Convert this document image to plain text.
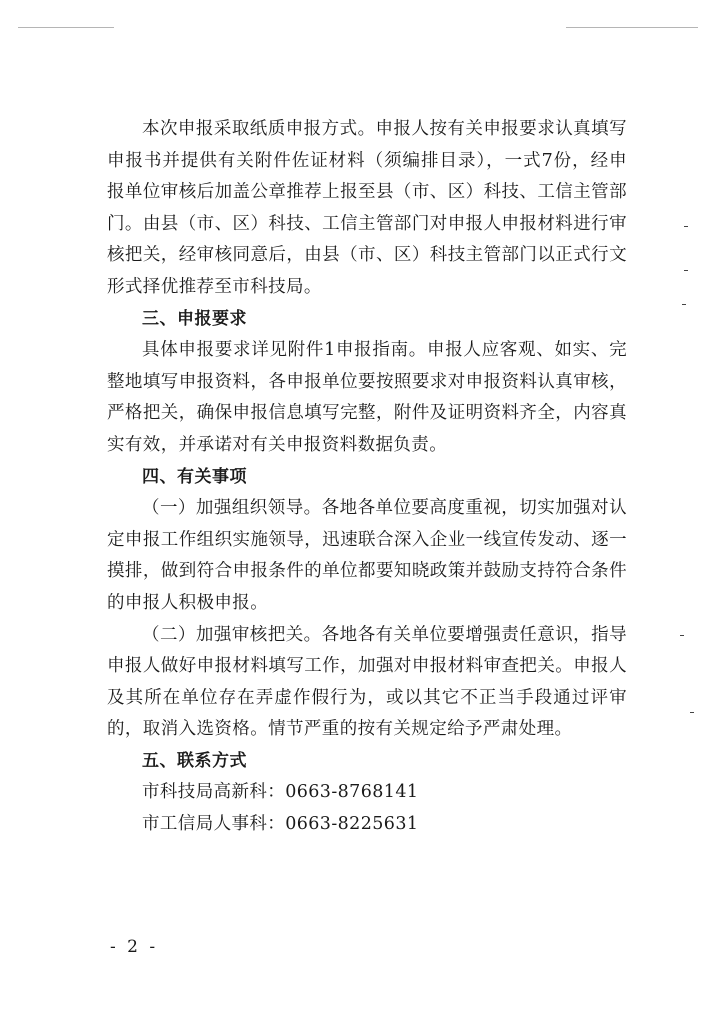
本次申报采取纸质申报方式。申报人按有关申报要求认真填写申报书并提供有关附件佐证材料（须编排目录），一式7份，经申报单位审核后加盖公章推荐上报至县（市、区）科技、工信主管部门。由县（市、区）科技、工信主管部门对申报人申报材料进行审核把关，经审核同意后，由县（市、区）科技主管部门以正式行文形式择优推荐至市科技局。

三、申报要求

具体申报要求详见附件1申报指南。申报人应客观、如实、完整地填写申报资料，各申报单位要按照要求对申报资料认真审核，严格把关，确保申报信息填写完整，附件及证明资料齐全，内容真实有效，并承诺对有关申报资料数据负责。

四、有关事项

（一）加强组织领导。各地各单位要高度重视，切实加强对认定申报工作组织实施领导，迅速联合深入企业一线宣传发动、逐一摸排，做到符合申报条件的单位都要知晓政策并鼓励支持符合条件的申报人积极申报。

（二）加强审核把关。各地各有关单位要增强责任意识，指导申报人做好申报材料填写工作，加强对申报材料审查把关。申报人及其所在单位存在弄虚作假行为，或以其它不正当手段通过评审的，取消入选资格。情节严重的按有关规定给予严肃处理。

五、联系方式

市科技局高新科：0663-8768141

市工信局人事科：0663-8225631

- 2 -
